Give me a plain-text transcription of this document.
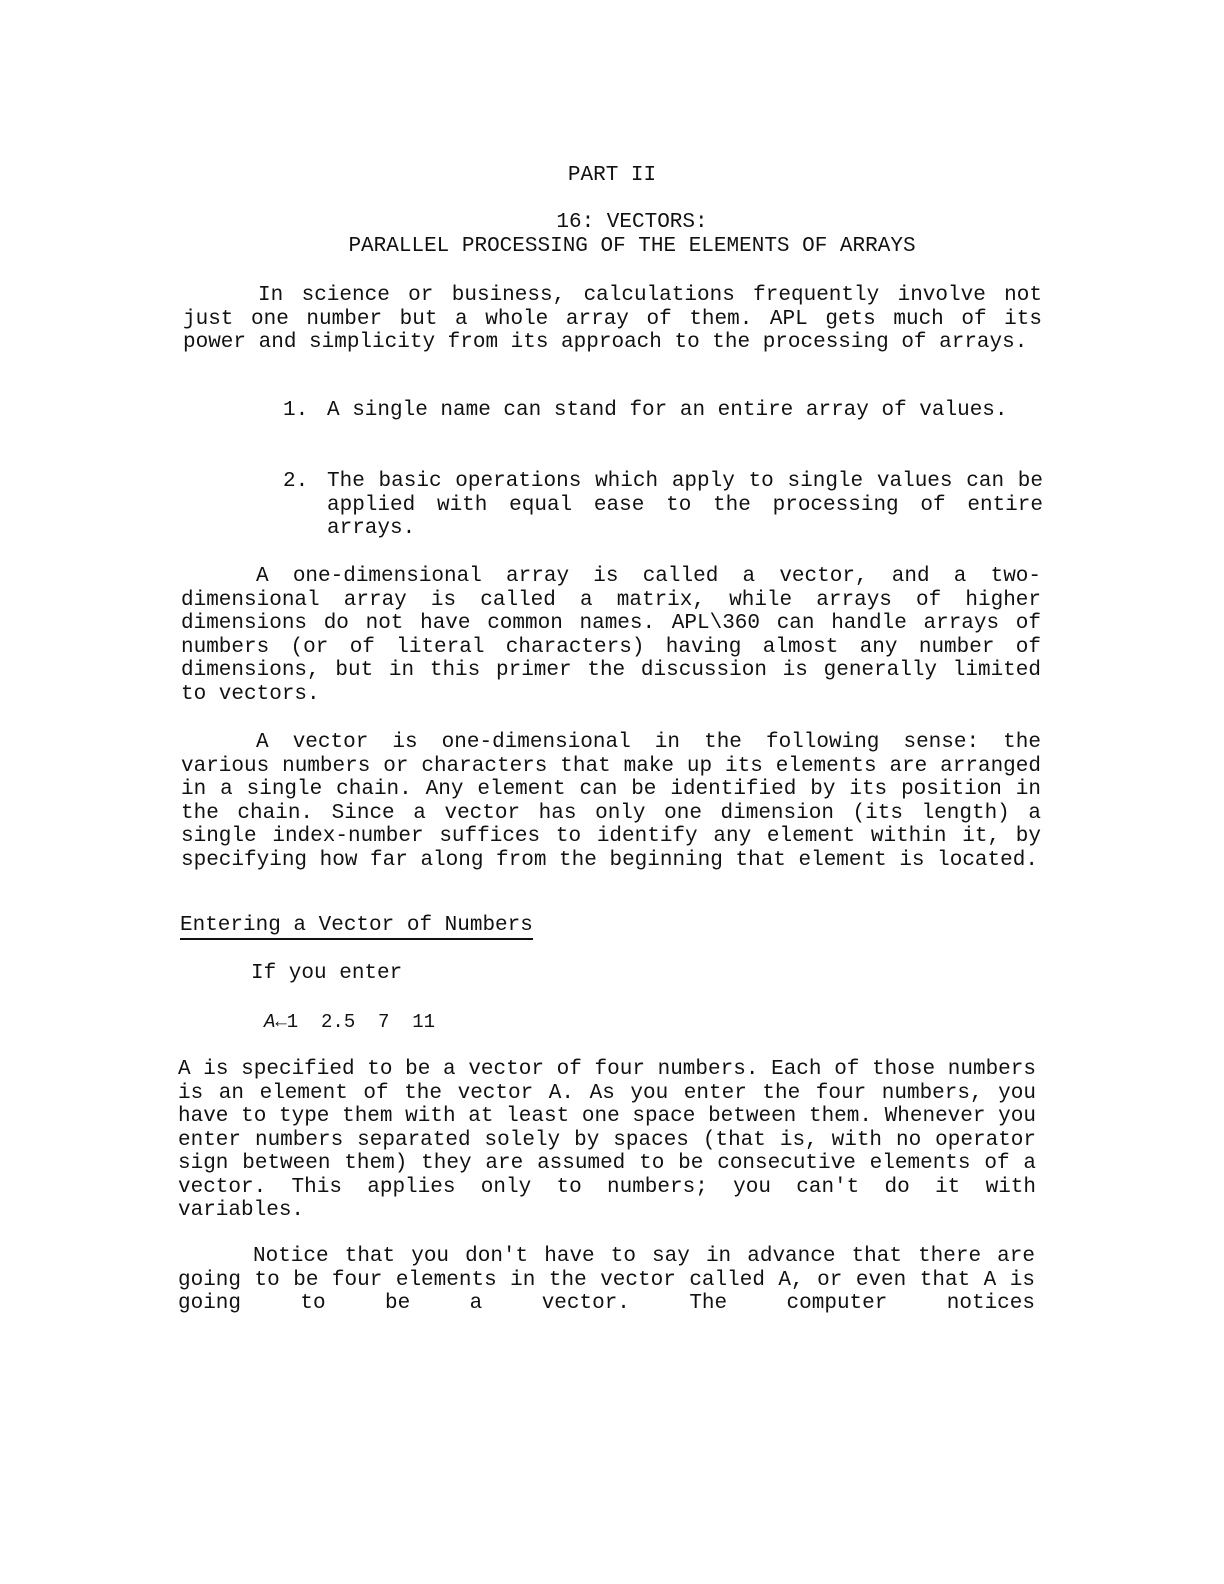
PART II
16: VECTORS:
PARALLEL PROCESSING OF THE ELEMENTS OF ARRAYS
In science or business, calculations frequently involve not just one number but a whole array of them. APL gets much of its power and simplicity from its approach to the processing of arrays.
1. A single name can stand for an entire array of values.
2. The basic operations which apply to single values can be applied with equal ease to the processing of entire arrays.
A one-dimensional array is called a vector, and a two-dimensional array is called a matrix, while arrays of higher dimensions do not have common names. APL\360 can handle arrays of numbers (or of literal characters) having almost any number of dimensions, but in this primer the discussion is generally limited to vectors.
A vector is one-dimensional in the following sense: the various numbers or characters that make up its elements are arranged in a single chain. Any element can be identified by its position in the chain. Since a vector has only one dimension (its length) a single index-number suffices to identify any element within it, by specifying how far along from the beginning that element is located.
Entering a Vector of Numbers
If you enter
A←1  2.5  7  11
A is specified to be a vector of four numbers. Each of those numbers is an element of the vector A. As you enter the four numbers, you have to type them with at least one space between them. Whenever you enter numbers separated solely by spaces (that is, with no operator sign between them) they are assumed to be consecutive elements of a vector. This applies only to numbers; you can't do it with variables.
Notice that you don't have to say in advance that there are going to be four elements in the vector called A, or even that A is going to be a vector. The computer notices
